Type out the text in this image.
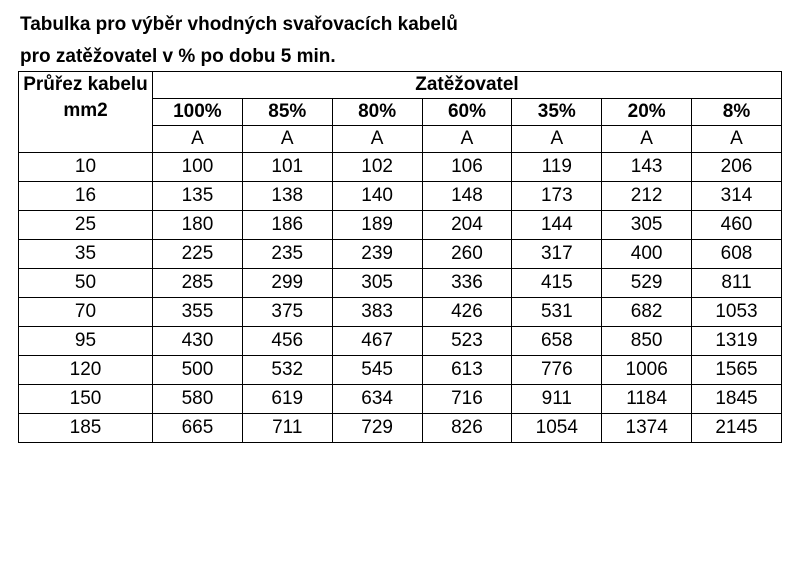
Tabulka pro výběr vhodných svařovacích kabelů
pro zatěžovatel v % po dobu 5 min.
Průřez kabelu
mm2	Zatěžovatel						
	100%	85%	80%	60%	35%	20%	8%
	A	A	A	A	A	A	A
10	100	101	102	106	119	143	206
16	135	138	140	148	173	212	314
25	180	186	189	204	144	305	460
35	225	235	239	260	317	400	608
50	285	299	305	336	415	529	811
70	355	375	383	426	531	682	1053
95	430	456	467	523	658	850	1319
120	500	532	545	613	776	1006	1565
150	580	619	634	716	911	1184	1845
185	665	711	729	826	1054	1374	2145
